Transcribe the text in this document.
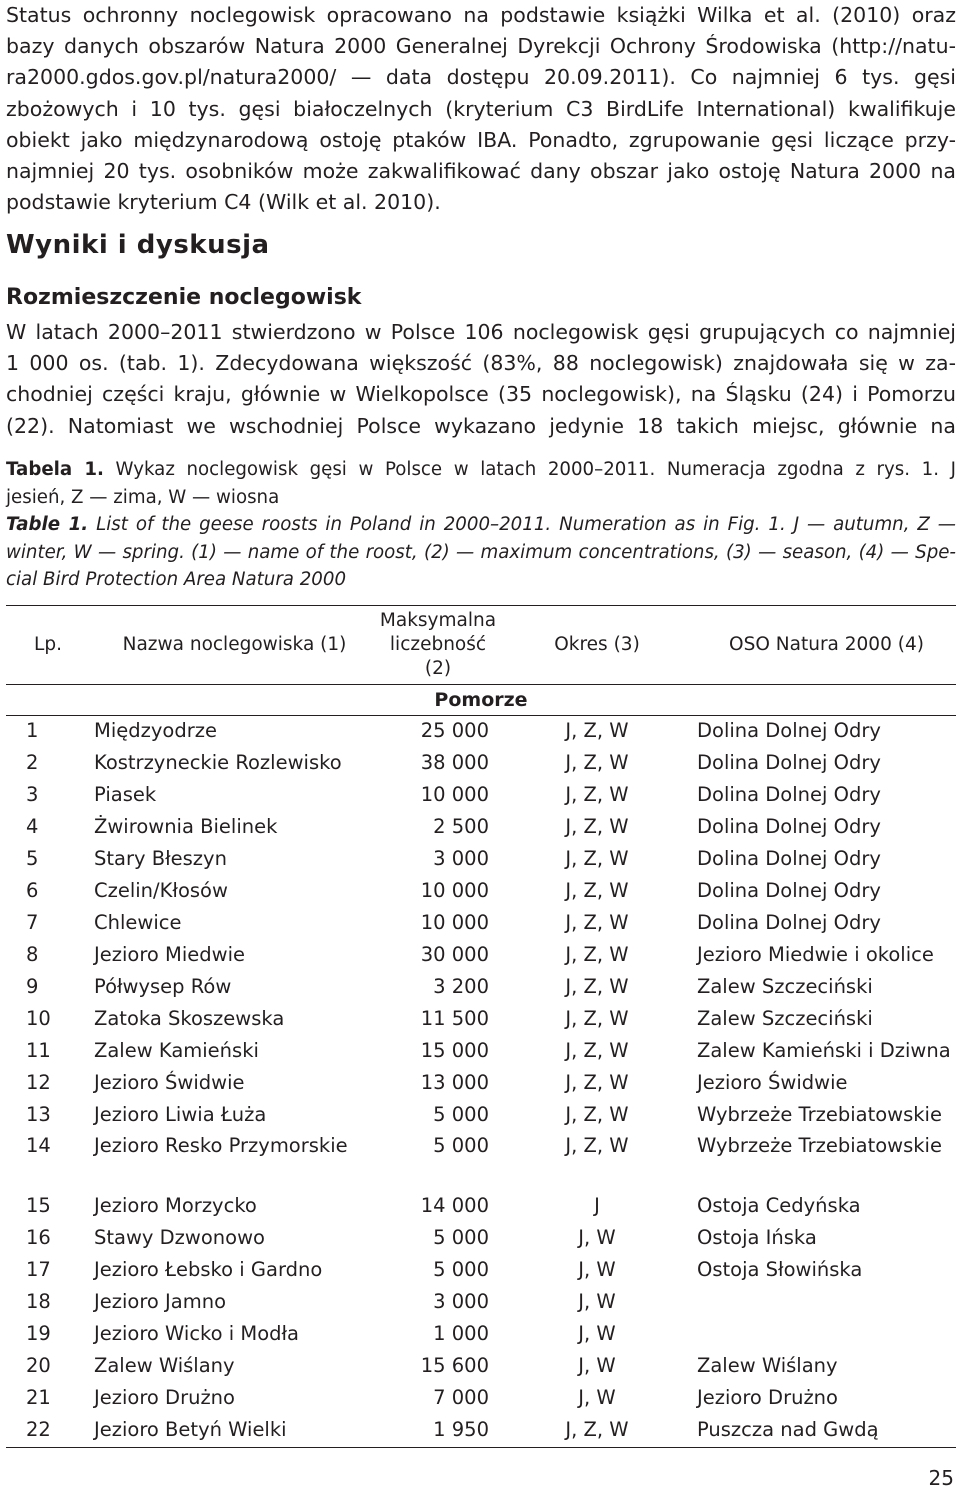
Status ochronny noclegowisk opracowano na podstawie książki Wilka et al. (2010) oraz
bazy danych obszarów Natura 2000 Generalnej Dyrekcji Ochrony Środowiska (http://natu-
ra2000.gdos.gov.pl/natura2000/ — data dostępu 20.09.2011). Co najmniej 6 tys. gęsi
zbożowych i 10 tys. gęsi białoczelnych (kryterium C3 BirdLife International) kwalifikuje
obiekt jako międzynarodową ostoję ptaków IBA. Ponadto, zgrupowanie gęsi liczące przy-
najmniej 20 tys. osobników może zakwalifikować dany obszar jako ostoję Natura 2000 na
podstawie kryterium C4 (Wilk et al. 2010).

Wyniki i dyskusja
Rozmieszczenie noclegowisk

W latach 2000–2011 stwierdzono w Polsce 106 noclegowisk gęsi grupujących co najmniej
1 000 os. (tab. 1). Zdecydowana większość (83%, 88 noclegowisk) znajdowała się w za-
chodniej części kraju, głównie w Wielkopolsce (35 noclegowisk), na Śląsku (24) i Pomorzu
(22). Natomiast we wschodniej Polsce wykazano jedynie 18 takich miejsc, głównie na

Tabela 1. Wykaz noclegowisk gęsi w Polsce w latach 2000–2011. Numeracja zgodna z rys. 1. J
jesień, Z — zima, W — wiosna
Table 1. List of the geese roosts in Poland in 2000–2011. Numeration as in Fig. 1. J — autumn, Z —
winter, W — spring. (1) — name of the roost, (2) — maximum concentrations, (3) — season, (4) — Spe-
cial Bird Protection Area Natura 2000
Lp.	Nazwa noclegowiska (1)	Maksymalna
liczebność (2)	Okres (3)	OSO Natura 2000 (4)
Pomorze				
1	Międzyodrze	25 000	J, Z, W	Dolina Dolnej Odry
2	Kostrzyneckie Rozlewisko	38 000	J, Z, W	Dolina Dolnej Odry
3	Piasek	10 000	J, Z, W	Dolina Dolnej Odry
4	Żwirownia Bielinek	2 500	J, Z, W	Dolina Dolnej Odry
5	Stary Błeszyn	3 000	J, Z, W	Dolina Dolnej Odry
6	Czelin/Kłosów	10 000	J, Z, W	Dolina Dolnej Odry
7	Chlewice	10 000	J, Z, W	Dolina Dolnej Odry
8	Jezioro Miedwie	30 000	J, Z, W	Jezioro Miedwie i okolice
9	Półwysep Rów	3 200	J, Z, W	Zalew Szczeciński
10	Zatoka Skoszewska	11 500	J, Z, W	Zalew Szczeciński
11	Zalew Kamieński	15 000	J, Z, W	Zalew Kamieński i Dziwna
12	Jezioro Świdwie	13 000	J, Z, W	Jezioro Świdwie
13	Jezioro Liwia Łuża	5 000	J, Z, W	Wybrzeże Trzebiatowskie
14	Jezioro Resko Przymorskie	5 000	J, Z, W	Wybrzeże Trzebiatowskie
15	Jezioro Morzycko	14 000	J	Ostoja Cedyńska
16	Stawy Dzwonowo	5 000	J, W	Ostoja Ińska
17	Jezioro Łebsko i Gardno	5 000	J, W	Ostoja Słowińska
18	Jezioro Jamno	3 000	J, W	
19	Jezioro Wicko i Modła	1 000	J, W	
20	Zalew Wiślany	15 600	J, W	Zalew Wiślany
21	Jezioro Drużno	7 000	J, W	Jezioro Drużno
22	Jezioro Betyń Wielki	1 950	J, Z, W	Puszcza nad Gwdą
25
